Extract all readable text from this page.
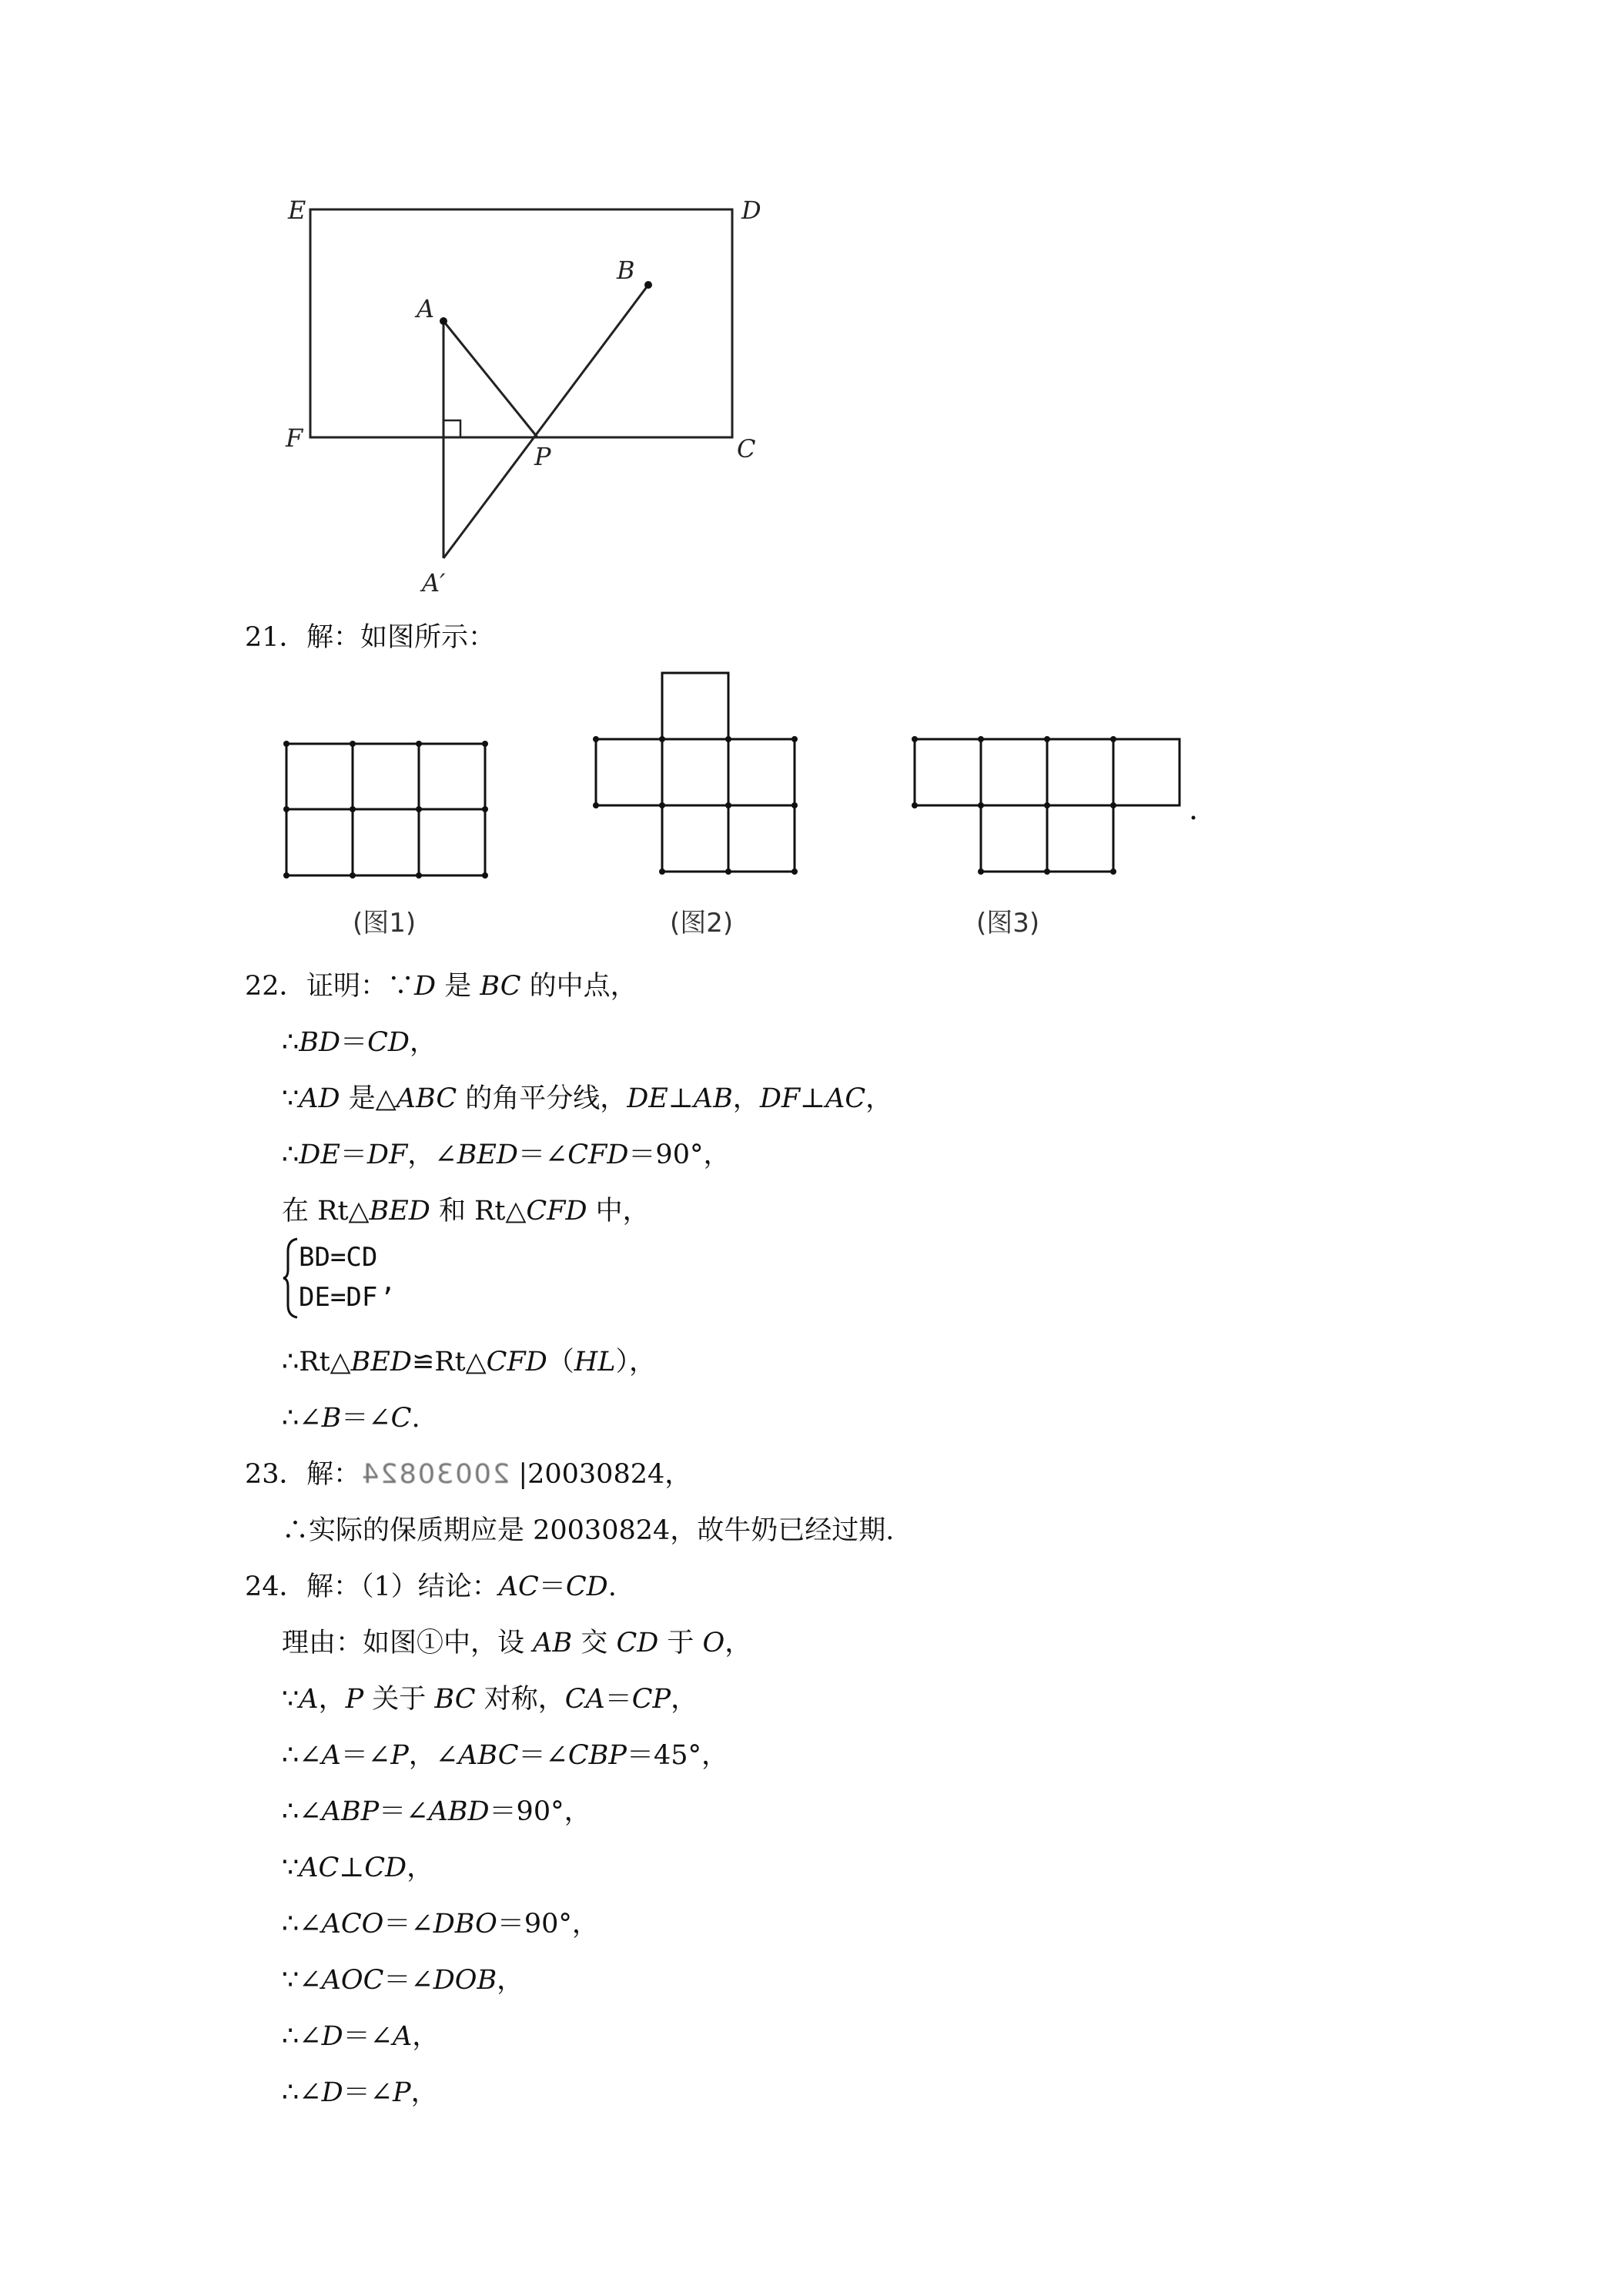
E	D
B
A
F	C
P
A′
21． 解：如图所示：
(图1)	(图2)	(图3)
22． 证明：∵D 是 BC 的中点，
∴BD＝CD，
∵AD 是△ABC 的角平分线，DE⊥AB，DF⊥AC，
∴DE＝DF，∠BED＝∠CFD＝90°，
在 Rt△BED 和 Rt△CFD 中，
BD=CD
DE=DF ,
∴Rt△BED≌Rt△CFD（HL），
∴∠B＝∠C.
23． 解：20030824 |20030824，
∴实际的保质期应是 20030824，故牛奶已经过期.
24． 解：（1）结论：AC＝CD.
理由：如图①中，设 AB 交 CD 于 O，
∵A，P 关于 BC 对称，CA＝CP，
∴∠A＝∠P，∠ABC＝∠CBP＝45°，
∴∠ABP＝∠ABD＝90°，
∵AC⊥CD，
∴∠ACO＝∠DBO＝90°，
∵∠AOC＝∠DOB，
∴∠D＝∠A，
∴∠D＝∠P，
